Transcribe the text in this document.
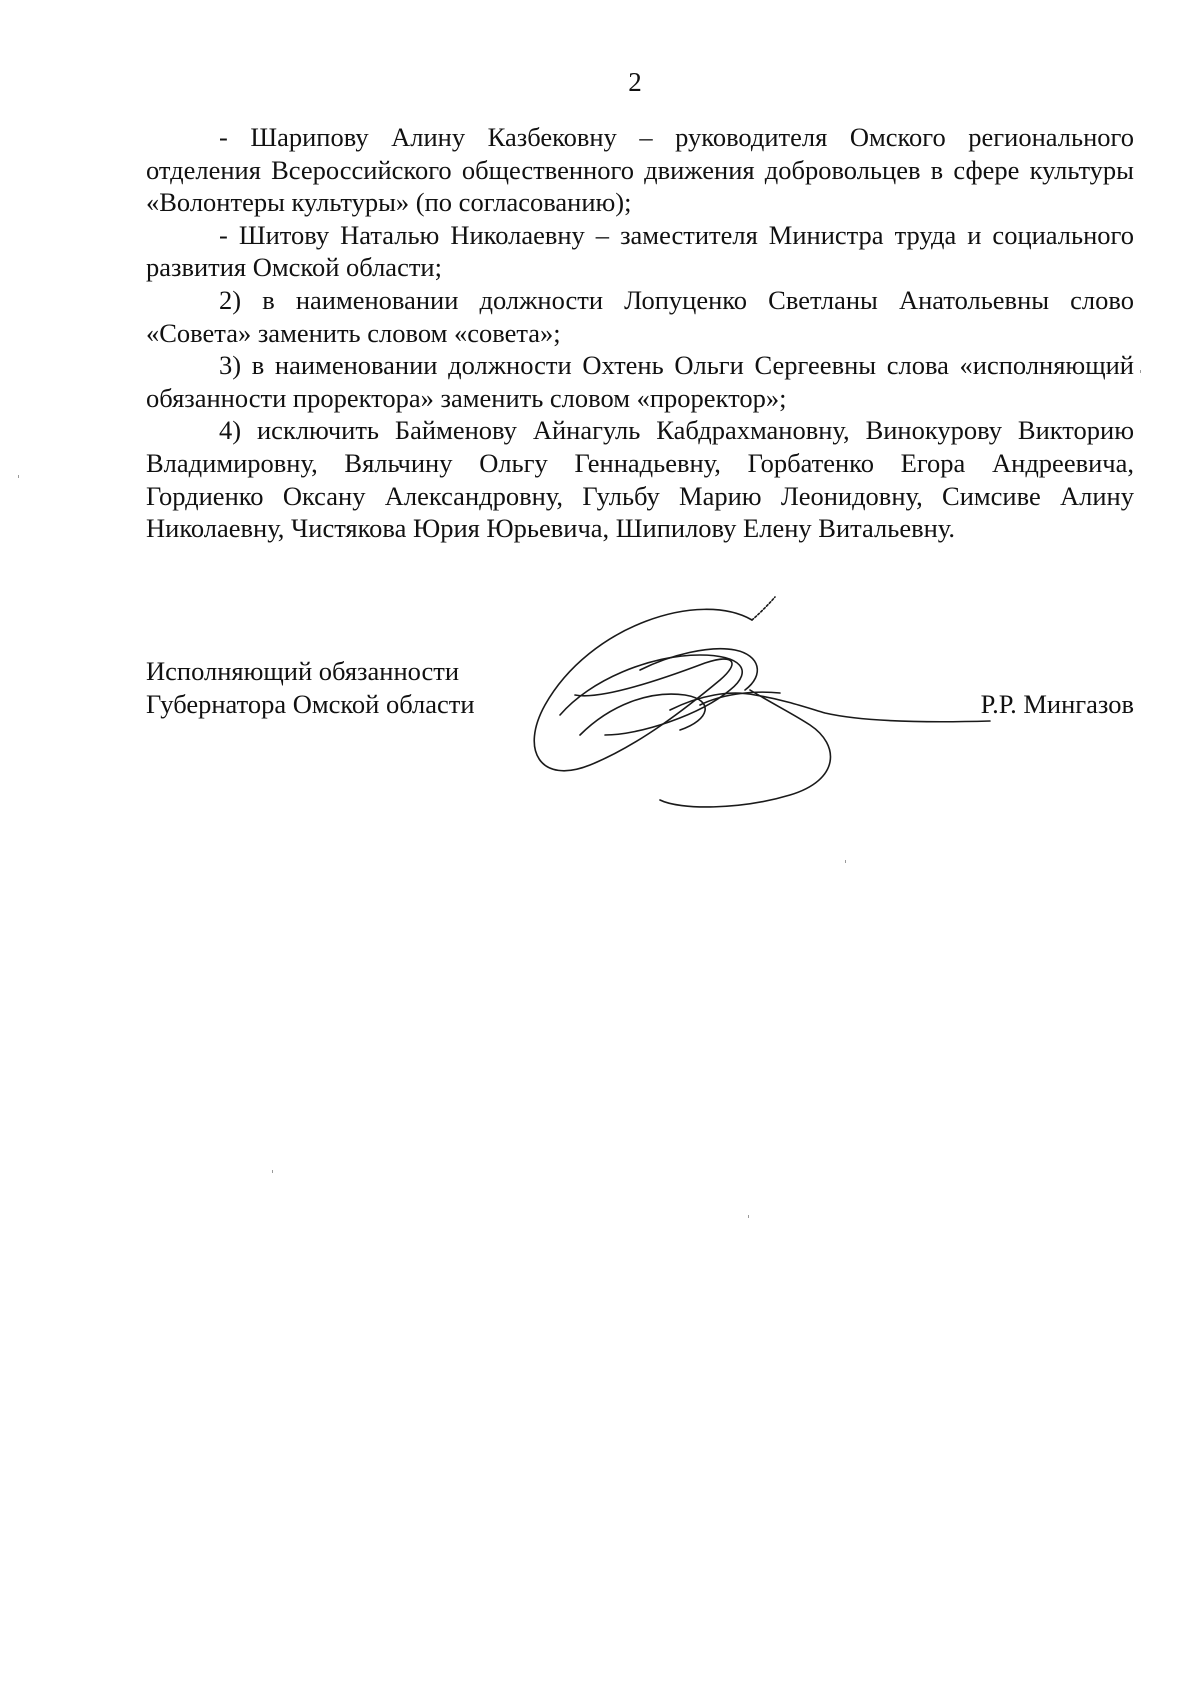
2

- Шарипову Алину Казбековну – руководителя Омского регионального отделения Всероссийского общественного движения добровольцев в сфере культуры «Волонтеры культуры» (по согласованию);

- Шитову Наталью Николаевну – заместителя Министра труда и социального развития Омской области;

2) в наименовании должности Лопуценко Светланы Анатольевны слово «Совета» заменить словом «совета»;

3) в наименовании должности Охтень Ольги Сергеевны слова «исполняющий обязанности проректора» заменить словом «проректор»;

4) исключить Байменову Айнагуль Кабдрахмановну, Винокурову Викторию Владимировну, Вяльчину Ольгу Геннадьевну, Горбатенко Егора Андреевича, Гордиенко Оксану Александровну, Гульбу Марию Леонидовну, Симсиве Алину Николаевну, Чистякова Юрия Юрьевича, Шипилову Елену Витальевну.

Исполняющий обязанности
Губернатора Омской области	Р.Р. Мингазов
